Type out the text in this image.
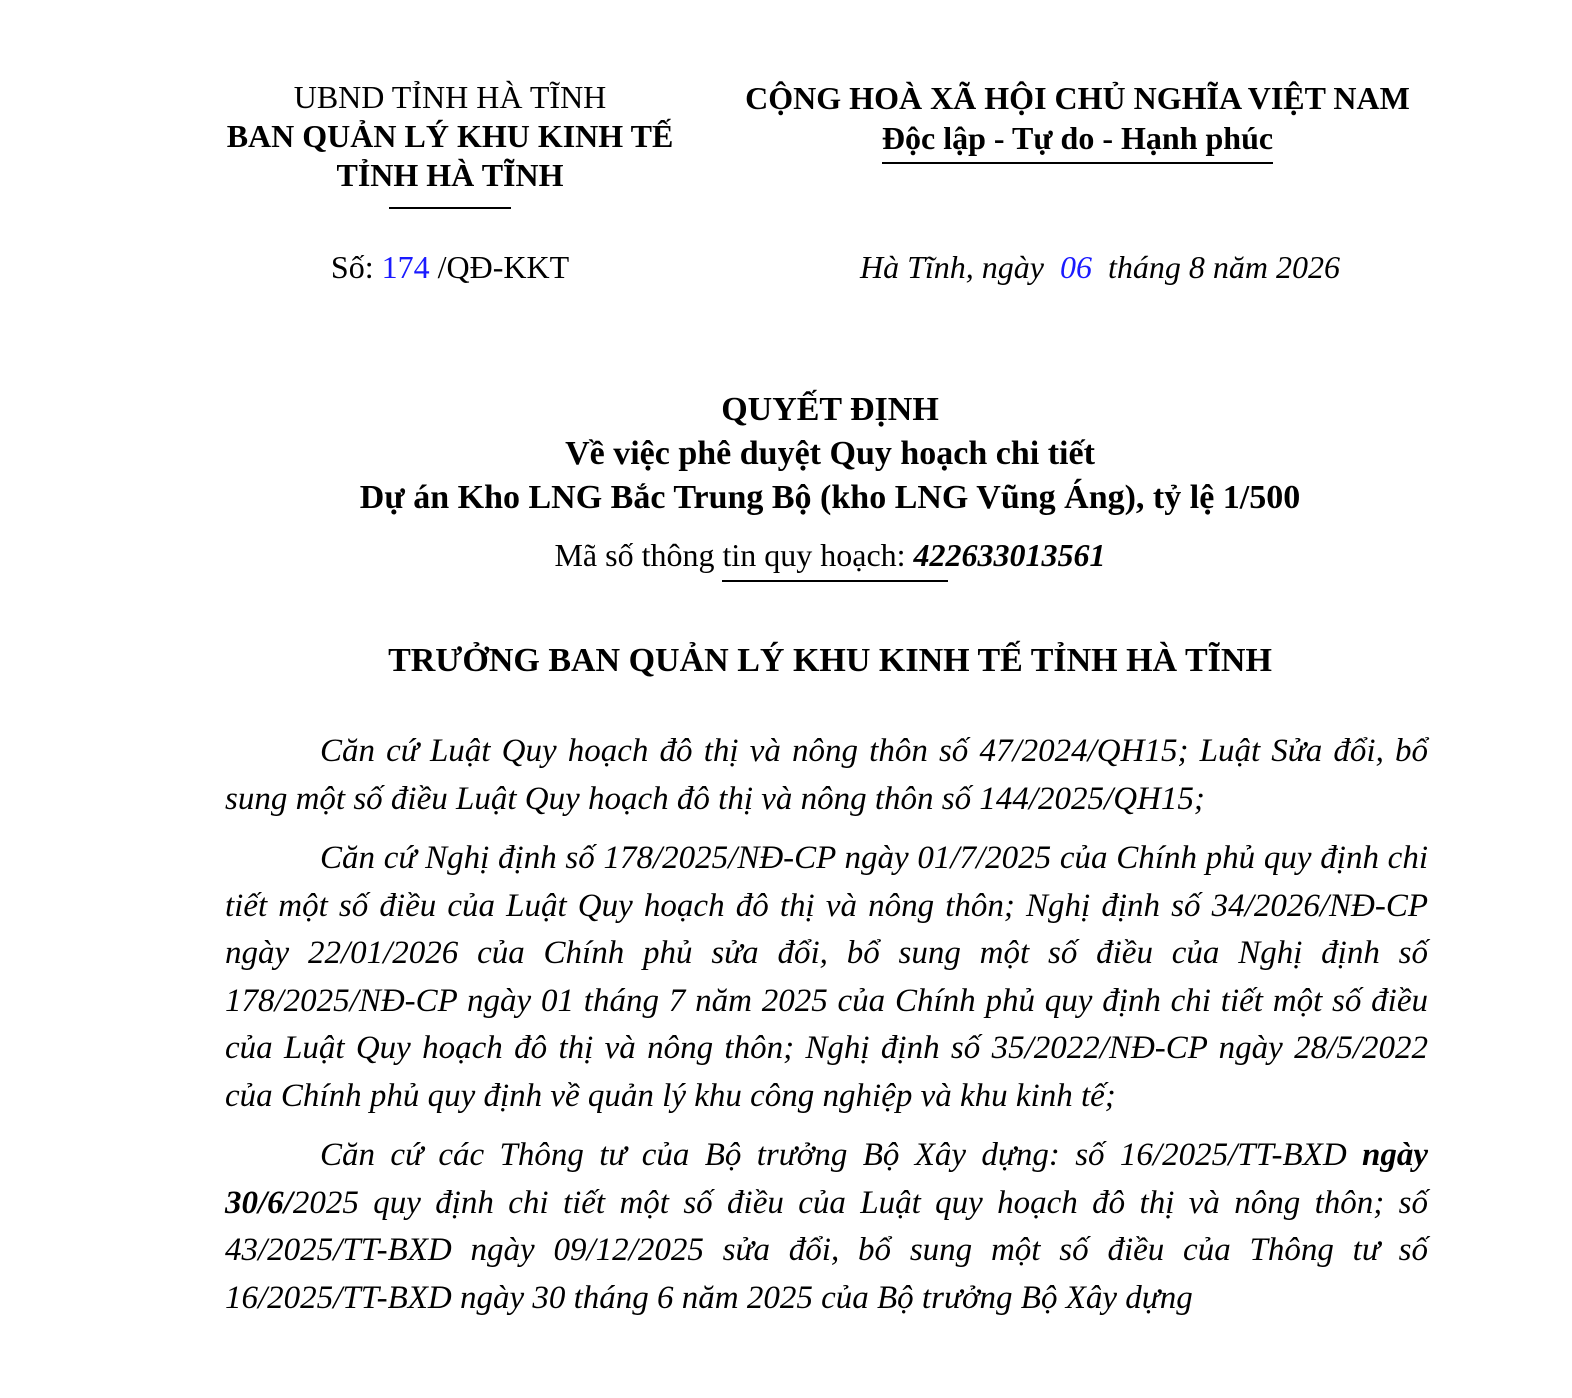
UBND TỈNH HÀ TĨNH
BAN QUẢN LÝ KHU KINH TẾ
TỈNH HÀ TĨNH
CỘNG HOÀ XÃ HỘI CHỦ NGHĨA VIỆT NAM
Độc lập - Tự do - Hạnh phúc
Số: 174 /QĐ-KKT	Hà Tĩnh, ngày 06 tháng 8 năm 2026
QUYẾT ĐỊNH
Về việc phê duyệt Quy hoạch chi tiết
Dự án Kho LNG Bắc Trung Bộ (kho LNG Vũng Áng), tỷ lệ 1/500
Mã số thông tin quy hoạch: 422633013561
TRƯỞNG BAN QUẢN LÝ KHU KINH TẾ TỈNH HÀ TĨNH

Căn cứ Luật Quy hoạch đô thị và nông thôn số 47/2024/QH15; Luật Sửa đổi, bổ sung một số điều Luật Quy hoạch đô thị và nông thôn số 144/2025/QH15;

Căn cứ Nghị định số 178/2025/NĐ-CP ngày 01/7/2025 của Chính phủ quy định chi tiết một số điều của Luật Quy hoạch đô thị và nông thôn; Nghị định số 34/2026/NĐ-CP ngày 22/01/2026 của Chính phủ sửa đổi, bổ sung một số điều của Nghị định số 178/2025/NĐ-CP ngày 01 tháng 7 năm 2025 của Chính phủ quy định chi tiết một số điều của Luật Quy hoạch đô thị và nông thôn; Nghị định số 35/2022/NĐ-CP ngày 28/5/2022 của Chính phủ quy định về quản lý khu công nghiệp và khu kinh tế;

Căn cứ các Thông tư của Bộ trưởng Bộ Xây dựng: số 16/2025/TT-BXD ngày 30/6/2025 quy định chi tiết một số điều của Luật quy hoạch đô thị và nông thôn; số 43/2025/TT-BXD ngày 09/12/2025 sửa đổi, bổ sung một số điều của Thông tư số 16/2025/TT-BXD ngày 30 tháng 6 năm 2025 của Bộ trưởng Bộ Xây dựng
